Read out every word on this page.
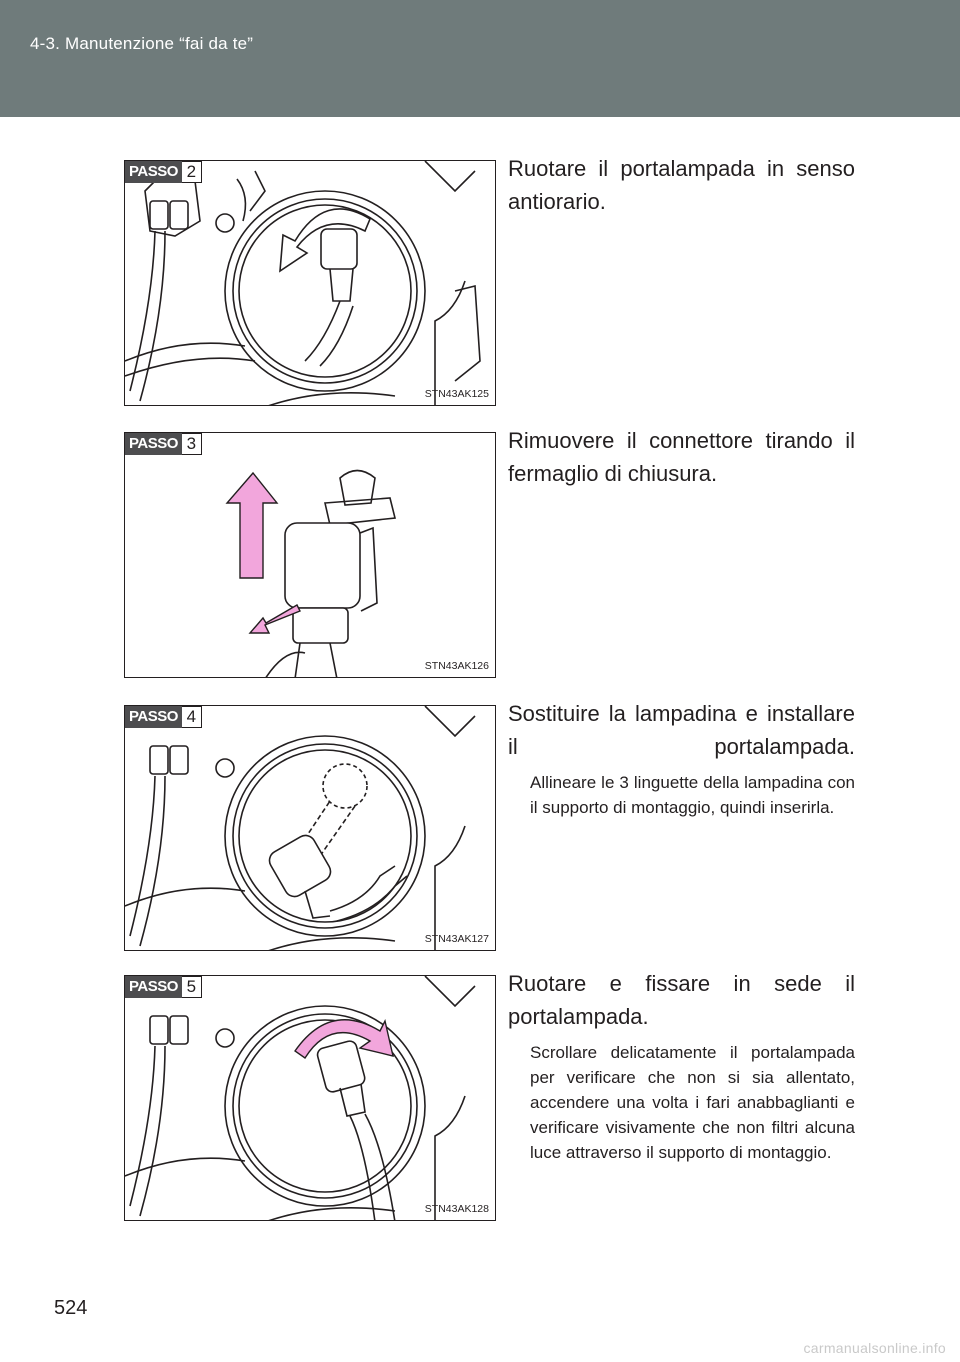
4-3. Manutenzione “fai da te”
PASSO 2
STN43AK125
Ruotare il portalampada in senso antiorario.
PASSO 3
STN43AK126
Rimuovere il connettore tirando il fermaglio di chiusura.
PASSO 4
STN43AK127
Sostituire la lampadina e installare il portalampada.
Allineare le 3 linguette della lampadina con il supporto di montaggio, quindi inserirla.
PASSO 5
STN43AK128
Ruotare e fissare in sede il portalampada.
Scrollare delicatamente il portalampada per verificare che non si sia allentato, accendere una volta i fari anabbaglianti e verificare visivamente che non filtri alcuna luce attraverso il supporto di montaggio.
524
carmanualsonline.info
